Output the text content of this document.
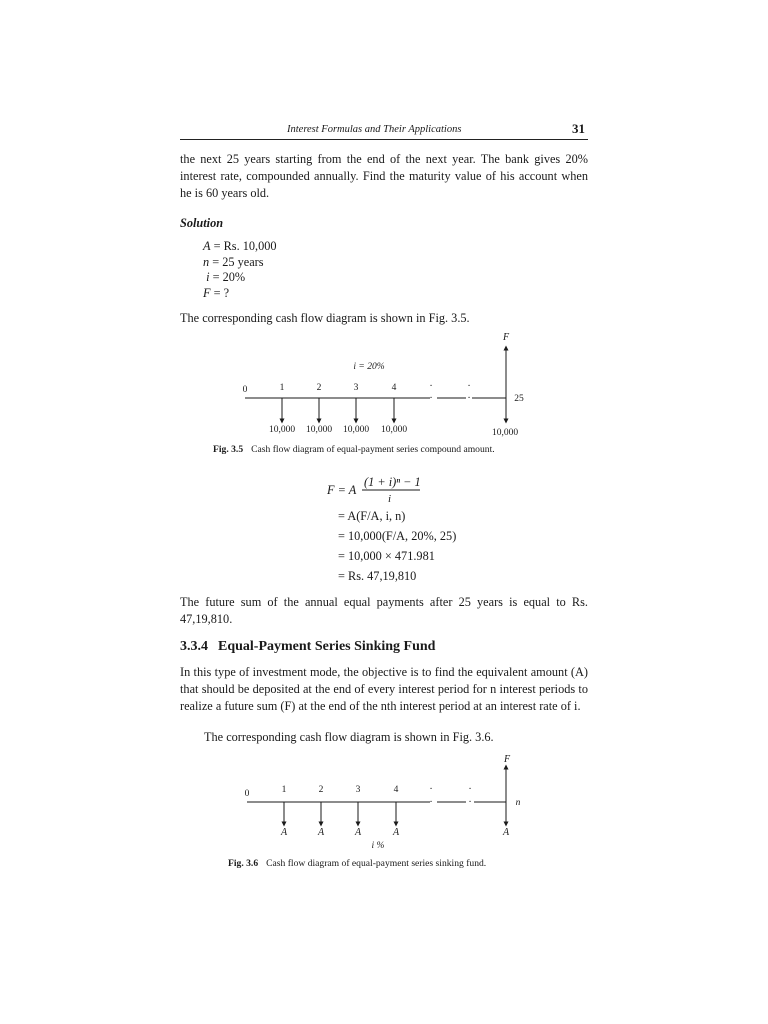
Interest Formulas and Their Applications	31
the next 25 years starting from the end of the next year. The bank gives 20% interest rate, compounded annually. Find the maturity value of his account when he is 60 years old.
Solution
A = Rs. 10,000
n = 25 years
i = 20%
F = ?
The corresponding cash flow diagram is shown in Fig. 3.5.
F
i = 20%
·	·
·	·
0	1	2	3	4
25
10,000 10,000 10,000 10,000	10,000
F
·	·
·	·
0	1	2	3	4
n
A	A	A	A	A
i %
Fig. 3.5 Cash flow diagram of equal-payment series compound amount.
F = A
(1 + i)ⁿ − 1
i
= A(F/A, i, n)
= 10,000(F/A, 20%, 25)
= 10,000 × 471.981
= Rs. 47,19,810
The future sum of the annual equal payments after 25 years is equal to Rs. 47,19,810.
3.3.4 Equal-Payment Series Sinking Fund
In this type of investment mode, the objective is to find the equivalent amount (A) that should be deposited at the end of every interest period for n interest periods to realize a future sum (F) at the end of the nth interest period at an interest rate of i.
The corresponding cash flow diagram is shown in Fig. 3.6.
Fig. 3.6 Cash flow diagram of equal-payment series sinking fund.
